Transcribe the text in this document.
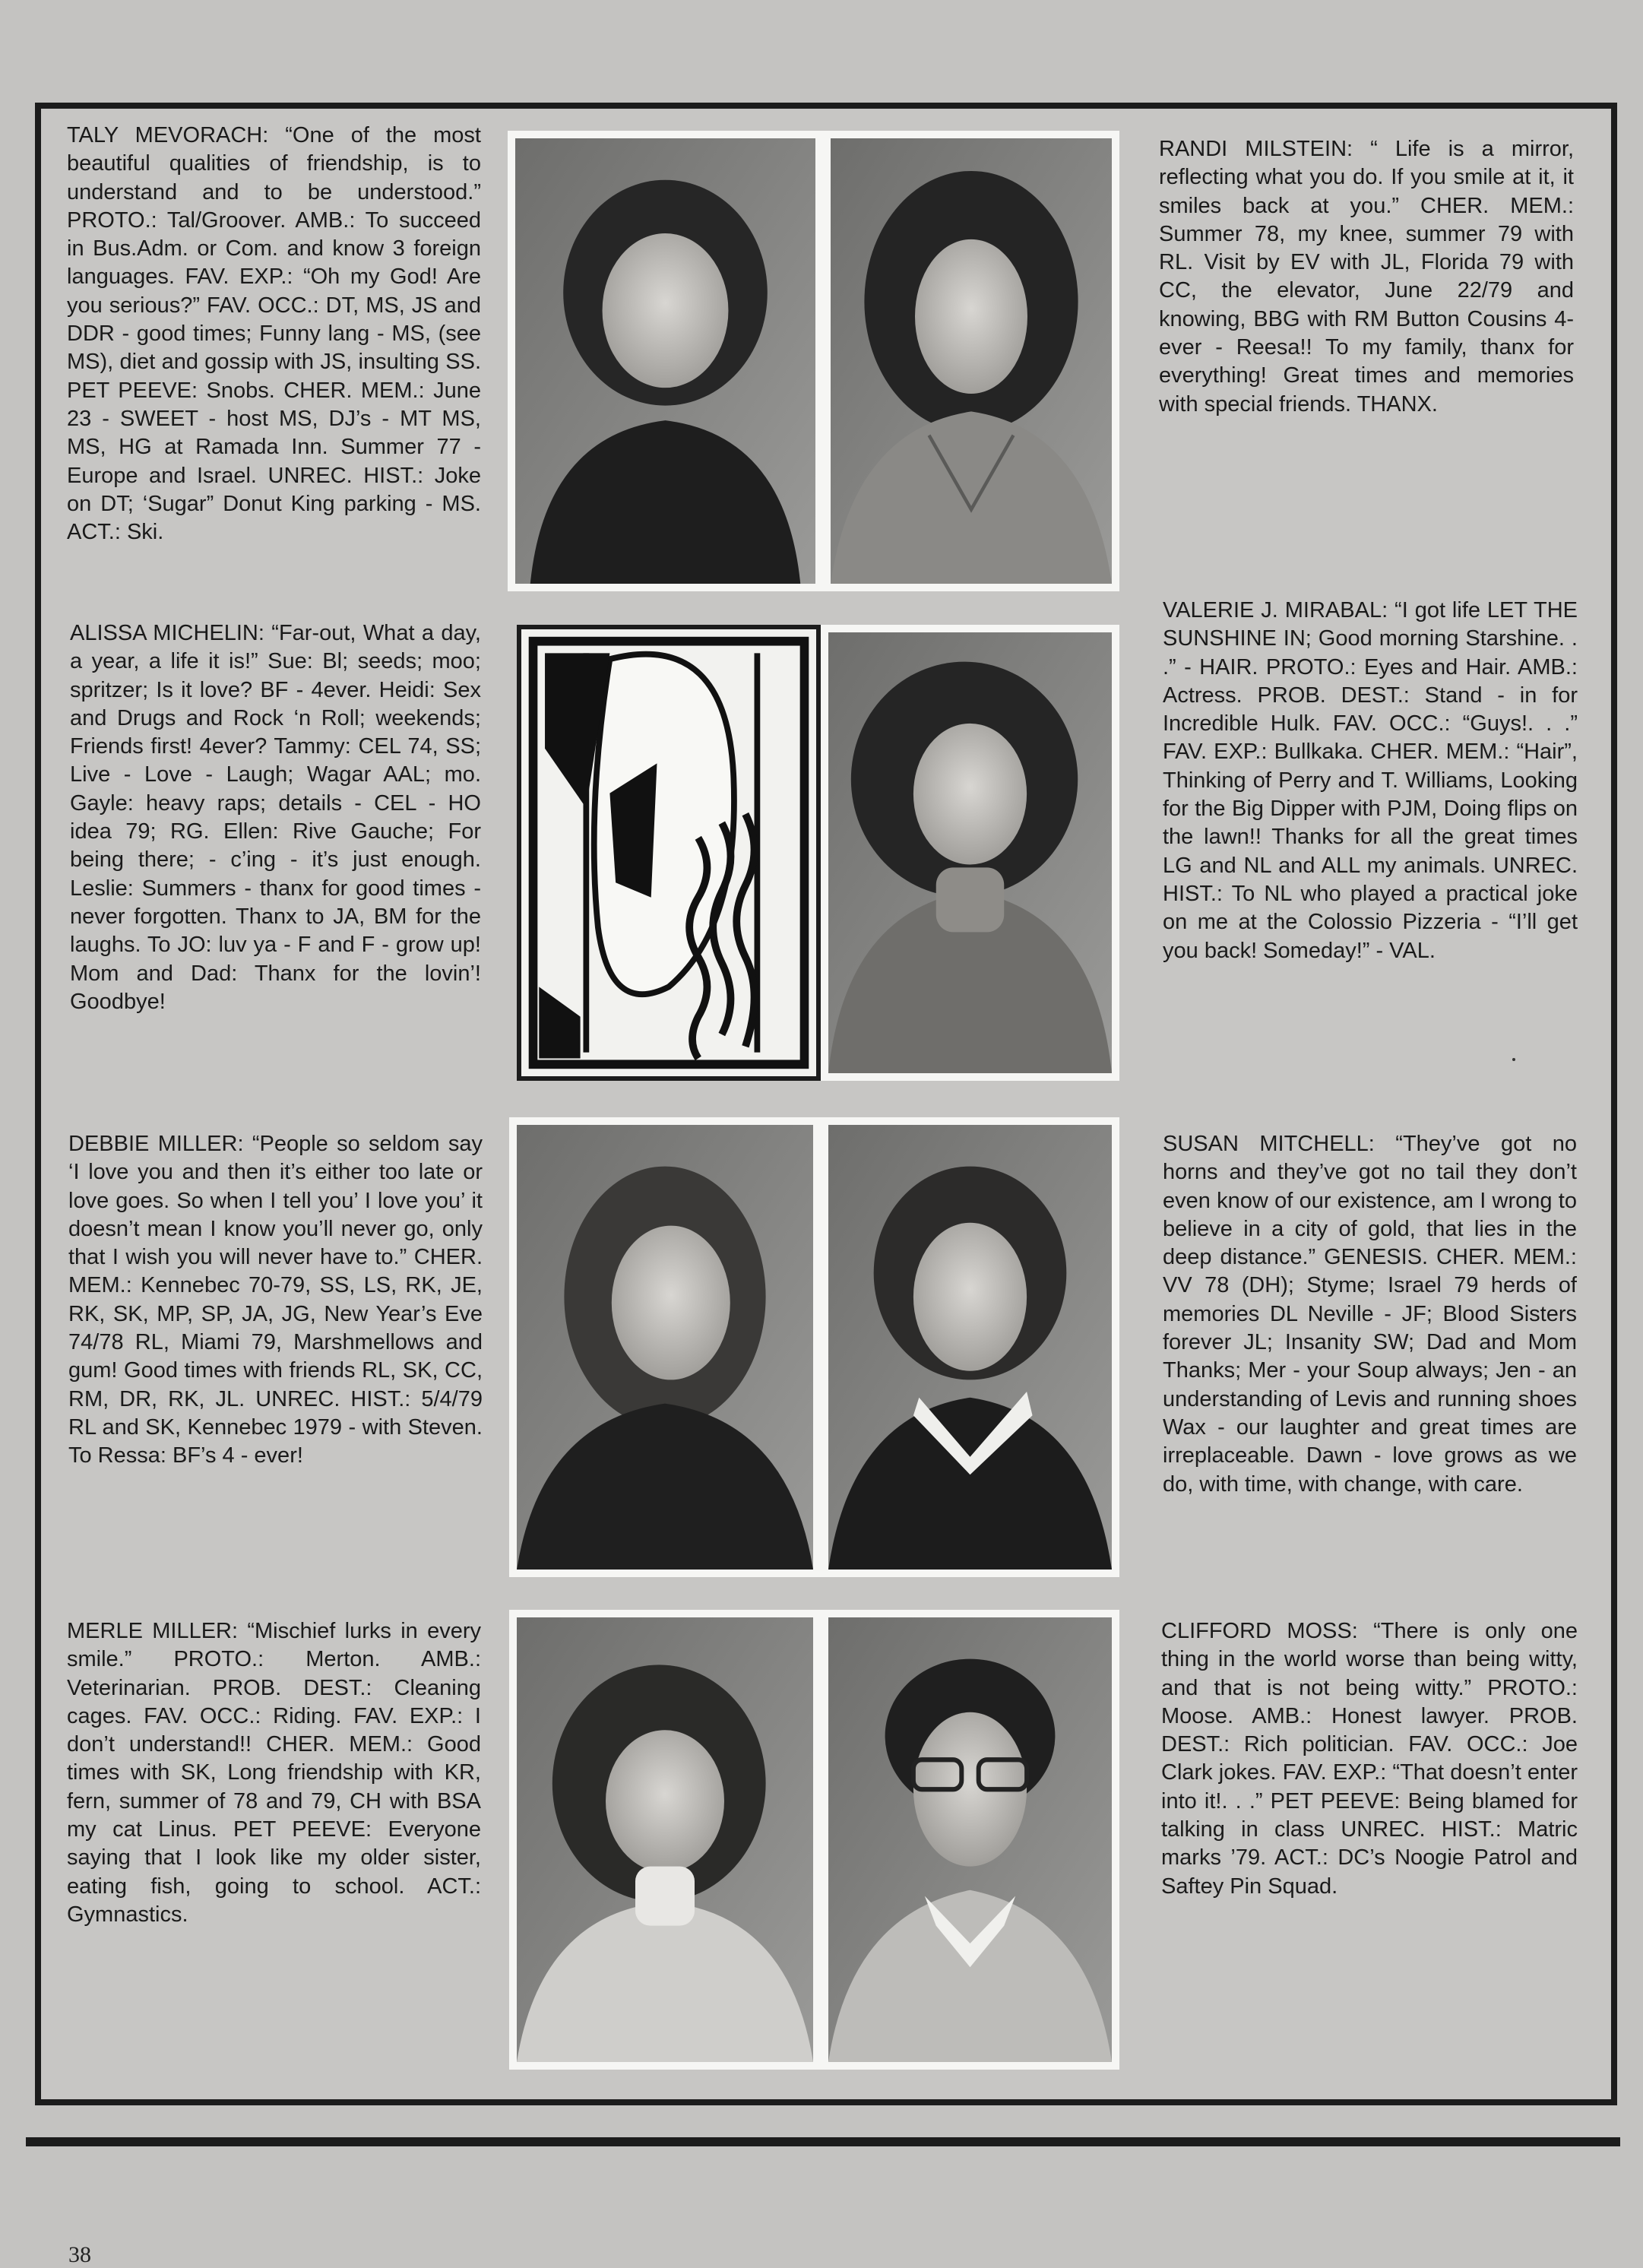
TALY MEVORACH: “One of the most beautiful qualities of friendship, is to understand and to be understood.” PROTO.: Tal/Groover. AMB.: To succeed in Bus.Adm. or Com. and know 3 foreign languages. FAV. EXP.: “Oh my God! Are you serious?” FAV. OCC.: DT, MS, JS and DDR - good times; Funny lang - MS, (see MS), diet and gossip with JS, insulting SS. PET PEEVE: Snobs. CHER. MEM.: June 23 - SWEET - host MS, DJ’s - MT MS, MS, HG at Ramada Inn. Summer 77 - Europe and Israel. UNREC. HIST.: Joke on DT; ‘Sugar” Donut King parking - MS. ACT.: Ski.
RANDI MILSTEIN: “ Life is a mirror, reflecting what you do. If you smile at it, it smiles back at you.” CHER. MEM.: Summer 78, my knee, summer 79 with RL. Visit by EV with JL, Florida 79 with CC, the elevator, June 22/79 and knowing, BBG with RM Button Cousins 4-ever - Reesa!! To my family, thanx for everything! Great times and memories with special friends. THANX.
ALISSA MICHELIN: “Far-out, What a day, a year, a life it is!” Sue: Bl; seeds; moo; spritzer; Is it love? BF - 4ever. Heidi: Sex and Drugs and Rock ‘n Roll; weekends; Friends first! 4ever? Tammy: CEL 74, SS; Live - Love - Laugh; Wagar AAL; mo. Gayle: heavy raps; details - CEL - HO idea 79; RG. Ellen: Rive Gauche; For being there; - c’ing - it’s just enough. Leslie: Summers - thanx for good times - never forgotten. Thanx to JA, BM for the laughs. To JO: luv ya - F and F - grow up! Mom and Dad: Thanx for the lovin’! Goodbye!
VALERIE J. MIRABAL: “I got life LET THE SUNSHINE IN; Good morning Starshine. . .” - HAIR. PROTO.: Eyes and Hair. AMB.: Actress. PROB. DEST.: Stand - in for Incredible Hulk. FAV. OCC.: “Guys!. . .” FAV. EXP.: Bullkaka. CHER. MEM.: “Hair”, Thinking of Perry and T. Williams, Looking for the Big Dipper with PJM, Doing flips on the lawn!! Thanks for all the great times LG and NL and ALL my animals. UNREC. HIST.: To NL who played a practical joke on me at the Colossio Pizzeria - “I’ll get you back! Someday!” - VAL.
DEBBIE MILLER: “People so seldom say ‘I love you and then it’s either too late or love goes. So when I tell you’ I love you’ it doesn’t mean I know you’ll never go, only that I wish you will never have to.” CHER. MEM.: Kennebec 70-79, SS, LS, RK, JE, RK, SK, MP, SP, JA, JG, New Year’s Eve 74/78 RL, Miami 79, Marshmellows and gum! Good times with friends RL, SK, CC, RM, DR, RK, JL. UNREC. HIST.: 5/4/79 RL and SK, Kennebec 1979 - with Steven. To Ressa: BF’s 4 - ever!
SUSAN MITCHELL: “They’ve got no horns and they’ve got no tail they don’t even know of our existence, am I wrong to believe in a city of gold, that lies in the deep distance.” GENESIS. CHER. MEM.: VV 78 (DH); Styme; Israel 79 herds of memories DL Neville - JF; Blood Sisters forever JL; Insanity SW; Dad and Mom Thanks; Mer - your Soup always; Jen - an understanding of Levis and running shoes Wax - our laughter and great times are irreplaceable. Dawn - love grows as we do, with time, with change, with care.
MERLE MILLER: “Mischief lurks in every smile.” PROTO.: Merton. AMB.: Veterinarian. PROB. DEST.: Cleaning cages. FAV. OCC.: Riding. FAV. EXP.: I don’t understand!! CHER. MEM.: Good times with SK, Long friendship with KR, fern, summer of 78 and 79, CH with BSA my cat Linus. PET PEEVE: Everyone saying that I look like my older sister, eating fish, going to school. ACT.: Gymnastics.
CLIFFORD MOSS: “There is only one thing in the world worse than being witty, and that is not being witty.” PROTO.: Moose. AMB.: Honest lawyer. PROB. DEST.: Rich politician. FAV. OCC.: Joe Clark jokes. FAV. EXP.: “That doesn’t enter into it!. . .” PET PEEVE: Being blamed for talking in class UNREC. HIST.: Matric marks ’79. ACT.: DC’s Noogie Patrol and Saftey Pin Squad.
38
